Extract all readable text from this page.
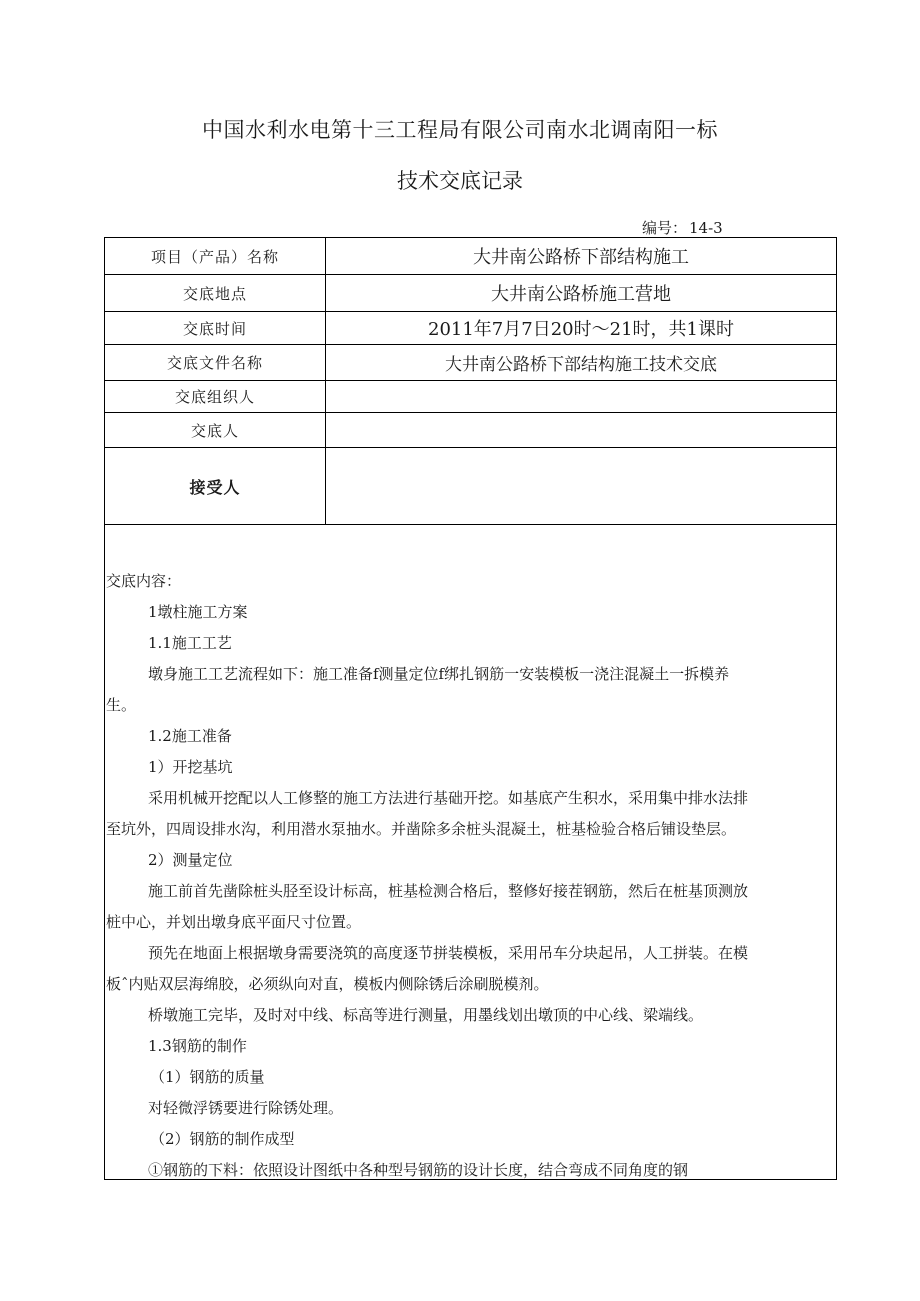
中国水利水电第十三工程局有限公司南水北调南阳一标
技术交底记录
编号： 14-3
项目（产品）名称	大井南公路桥下部结构施工
交底地点	大井南公路桥施工营地
交底时间	2011年7月7日20时～21时，共1课时
交底文件名称	大井南公路桥下部结构施工技术交底
交底组织人	
交底人	
接受人	

交底内容：

1墩柱施工方案

1.1施工工艺

墩身施工工艺流程如下：施工准备f测量定位f绑扎钢筋一安装模板一浇注混凝土一拆模养

生。

1.2施工准备

1）开挖基坑

采用机械开挖配以人工修整的施工方法进行基础开挖。如基底产生积水，采用集中排水法排

至坑外，四周设排水沟，利用潜水泵抽水。并凿除多余桩头混凝土，桩基检验合格后铺设垫层。

2）测量定位

施工前首先凿除桩头胫至设计标高，桩基检测合格后，整修好接茬钢筋，然后在桩基顶测放

桩中心，并划出墩身底平面尺寸位置。

预先在地面上根据墩身需要浇筑的高度逐节拼装模板，采用吊车分块起吊，人工拼装。在模

板ˆ内贴双层海绵胶，必须纵向对直，模板内侧除锈后涂刷脱模剂。

桥墩施工完毕，及时对中线、标高等进行测量，用墨线划出墩顶的中心线、梁端线。

1.3钢筋的制作

（1）钢筋的质量

对轻微浮锈要进行除锈处理。

（2）钢筋的制作成型

①钢筋的下料：依照设计图纸中各种型号钢筋的设计长度，结合弯成不同角度的钢
